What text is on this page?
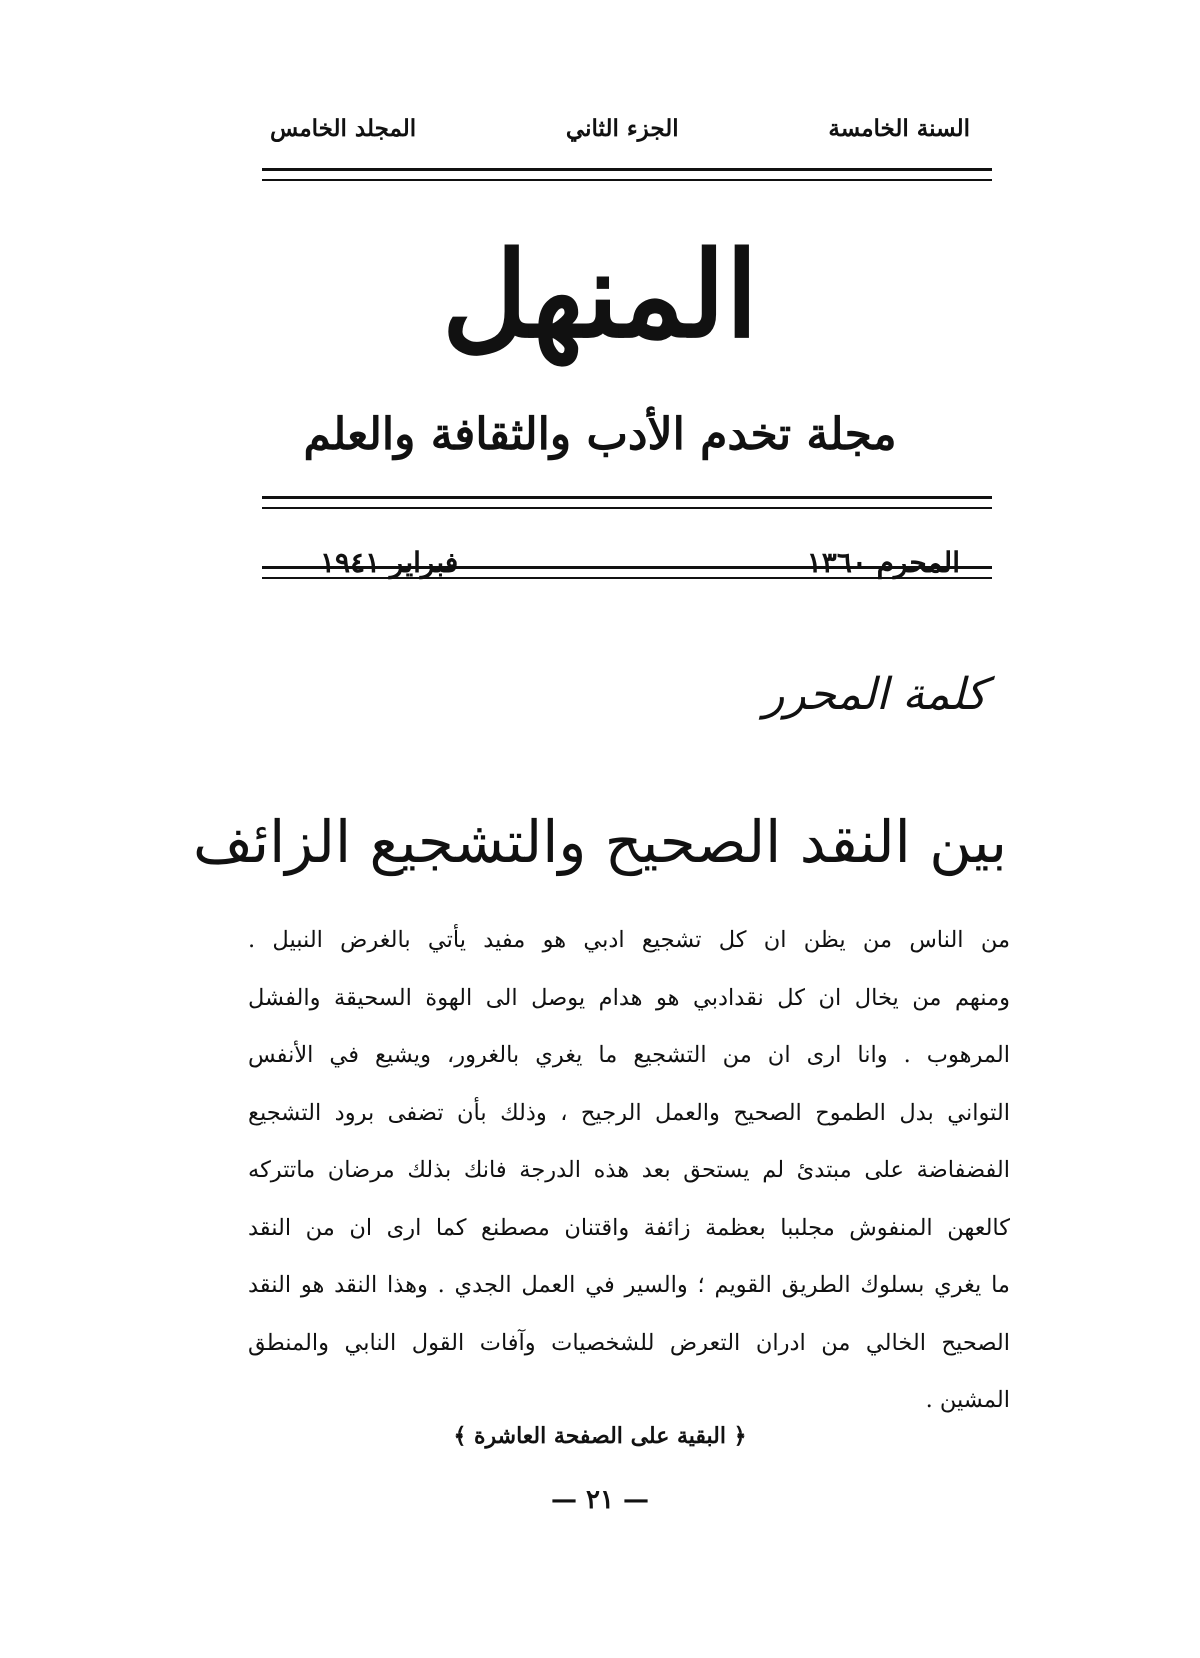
السنة الخامسة
الجزء الثاني
المجلد الخامس
المنهل
مجلة تخدم الأدب والثقافة والعلم
المحرم ١٣٦٠
فبراير ١٩٤١
كلمة المحرر
بين النقد الصحيح والتشجيع الزائف
من الناس من يظن ان كل تشجيع ادبي هو مفيد يأتي بالغرض النبيل .
ومنهم من يخال ان كل نقدادبي هو هدام يوصل الى الهوة السحيقة والفشل
المرهوب . وانا ارى ان من التشجيع ما يغري بالغرور، ويشيع في الأنفس
التواني بدل الطموح الصحيح والعمل الرجيح ، وذلك بأن تضفى برود التشجيع
الفضفاضة على مبتدئ لم يستحق بعد هذه الدرجة فانك بذلك مرضان ماتتركه
كالعهن المنفوش مجلببا بعظمة زائفة واقتنان مصطنع كما ارى ان من النقد
ما يغري بسلوك الطريق القويم ؛ والسير في العمل الجدي . وهذا النقد هو النقد
الصحيح الخالي من ادران التعرض للشخصيات وآفات القول النابي والمنطق
المشين .
﴿ البقية على الصفحة العاشرة ﴾
— ٢١ —
